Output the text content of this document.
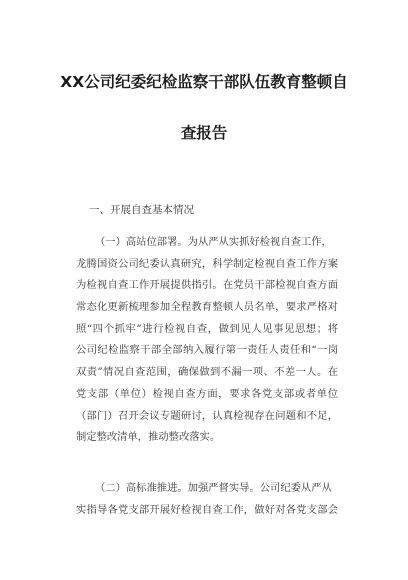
XX公司纪委纪检监察干部队伍教育整顿自
查报告
一、开展自查基本情况
（一）高站位部署。为从严从实抓好检视自查工作，
龙腾国资公司纪委认真研究，科学制定检视自查工作方案
为检视自查工作开展提供指引。在党员干部检视自查方面
常态化更新梳理参加全程教育整顿人员名单，要求严格对
照“四个抓牢”进行检视自查，做到见人见事见思想；将
公司纪检监察干部全部纳入履行第一责任人责任和“一岗
双责”情况自查范围，确保做到不漏一项、不差一人。在
党支部（单位）检视自查方面，要求各党支部或者单位
（部门）召开会议专题研讨，认真检视存在问题和不足，
制定整改清单，推动整改落实。
（二）高标准推进。加强严督实导。公司纪委从严从
实指导各党支部开展好检视自查工作，做好对各党支部会
